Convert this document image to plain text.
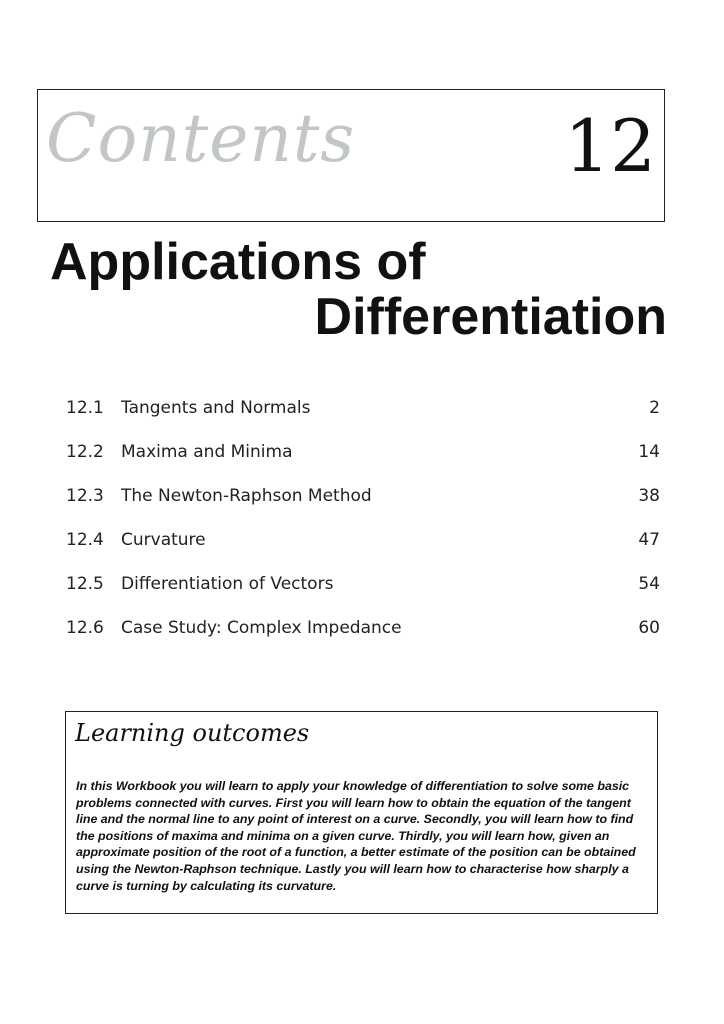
Contents	12
Applications of
Differentiation
12.1 Tangents and Normals	2
12.2 Maxima and Minima	14
12.3 The Newton-Raphson Method	38
12.4 Curvature	47
12.5 Differentiation of Vectors	54
12.6 Case Study: Complex Impedance	60
Learning outcomes
In this Workbook you will learn to apply your knowledge of differentiation to solve some basic problems connected with curves. First you will learn how to obtain the equation of the tangent line and the normal line to any point of interest on a curve. Secondly, you will learn how to find the positions of maxima and minima on a given curve. Thirdly, you will learn how, given an approximate position of the root of a function, a better estimate of the position can be obtained using the Newton-Raphson technique. Lastly you will learn how to characterise how sharply a curve is turning by calculating its curvature.
